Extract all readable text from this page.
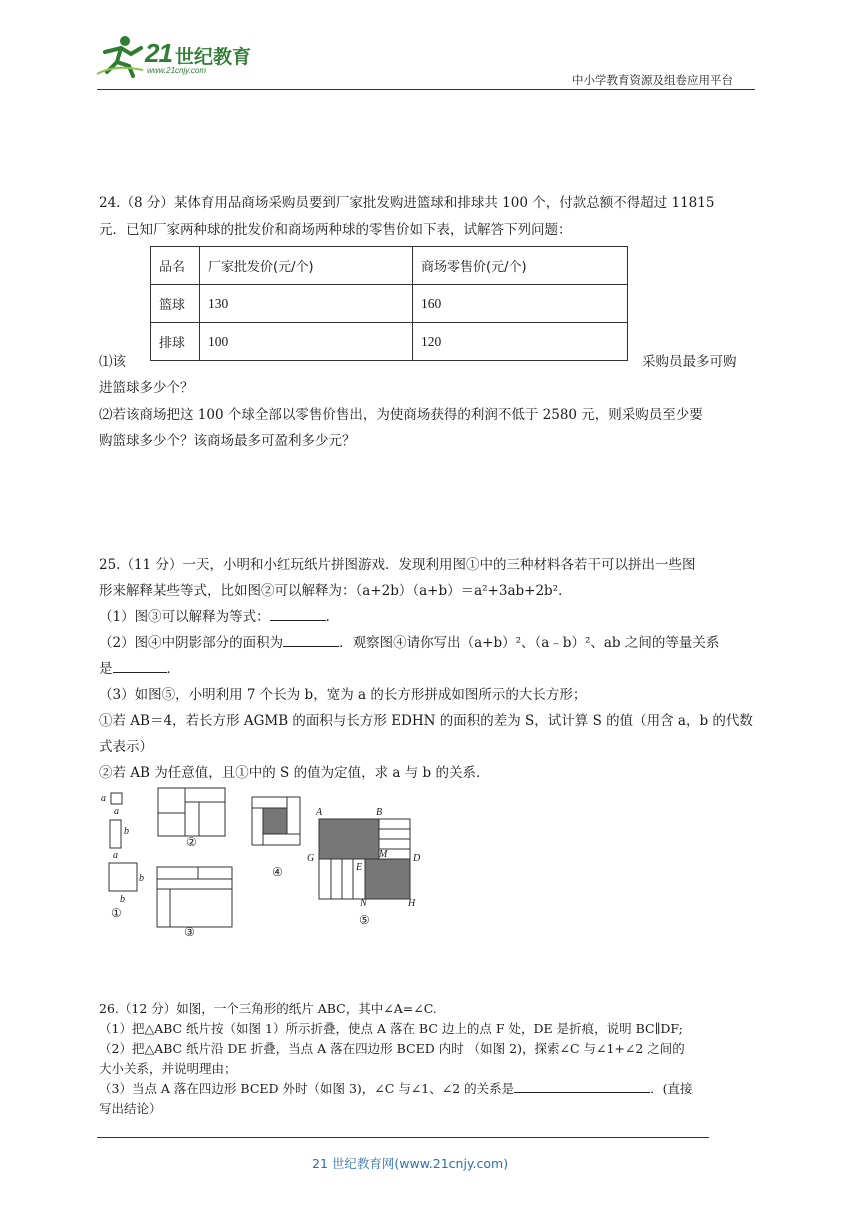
21 世纪教育
www.21cnjy.com
中小学教育资源及组卷应用平台
24.（8 分）某体育用品商场采购员要到厂家批发购进篮球和排球共 100 个，付款总额不得超过 11815
元．已知厂家两种球的批发价和商场两种球的零售价如下表，试解答下列问题：
品名	厂家批发价(元/个)	商场零售价(元/个)
篮球	130	160
排球	100	120
⑴该	采购员最多可购
进篮球多少个？
⑵若该商场把这 100 个球全部以零售价售出，为使商场获得的利润不低于 2580 元，则采购员至少要
购篮球多少个？该商场最多可盈利多少元？
25.（11 分）一天，小明和小红玩纸片拼图游戏．发现利用图①中的三种材料各若干可以拼出一些图
形来解释某些等式，比如图②可以解释为：（a+2b）（a+b）＝a²+3ab+2b²．
（1）图③可以解释为等式：	．
（2）图④中阴影部分的面积为	．观察图④请你写出（a+b）²、（a﹣b）²、ab 之间的等量关系
是	．
（3）如图⑤，小明利用 7 个长为 b，宽为 a 的长方形拼成如图所示的大长方形；
①若 AB＝4，若长方形 AGMB 的面积与长方形 EDHN 的面积的差为 S，试计算 S 的值（用含 a，b 的代数
式表示）
②若 AB 为任意值，且①中的 S 的值为定值，求 a 与 b 的关系．
a
a
b
a
b
b
①
②
③
④
⑤
A	B
G	M	D
E
N	H
26.（12 分）如图，一个三角形的纸片 ABC，其中∠A=∠C.
（1）把△ABC 纸片按（如图 1）所示折叠，使点 A 落在 BC 边上的点 F 处，DE 是折痕，说明 BC∥DF;
（2）把△ABC 纸片沿 DE 折叠，当点 A 落在四边形 BCED 内时 （如图 2)，探索∠C 与∠1+∠2 之间的
大小关系，并说明理由；
（3）当点 A 落在四边形 BCED 外时（如图 3)，∠C 与∠1、∠2 的关系是	．(直接
写出结论）
21 世纪教育网(www.21cnjy.com)
